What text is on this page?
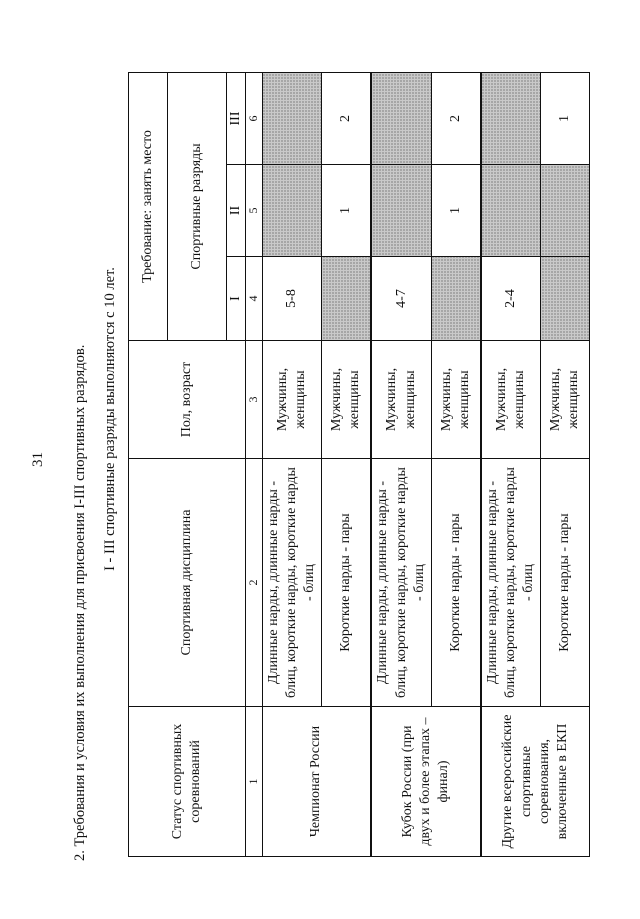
31 2. Требования и условия их выполнения для присвоения I-III спортивных разрядов. I - III спортивные разряды выполняются с 10 лет.
Статус спортивных соревнований	Спортивная дисциплина	Пол, возраст	Требование: занять место		
			Спортивные разряды		
			I	II	III
1	2	3	4	5	6
Чемпионат России	Длинные нарды, длинные нарды - блиц, короткие нарды, короткие нарды - блиц	Мужчины, женщины	5-8		
	Короткие нарды - пары	Мужчины, женщины		1	2

Кубок России (при двух и более этапах – финал)	Длинные нарды, длинные нарды - блиц, короткие нарды, короткие нарды - блиц	Мужчины, женщины	4-7		
	Короткие нарды - пары	Мужчины, женщины		1	2

Другие всероссийские спортивные соревнования, включенные в ЕКП	Длинные нарды, длинные нарды - блиц, короткие нарды, короткие нарды - блиц	Мужчины, женщины	2-4		
	Короткие нарды - пары	Мужчины, женщины			1
